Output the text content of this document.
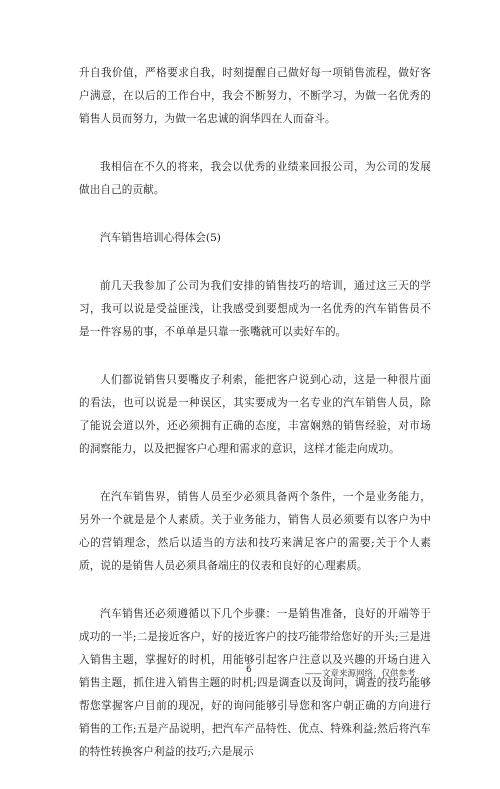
升自我价值，严格要求自我，时刻提醒自己做好每一项销售流程，做好客户满意，在以后的工作台中，我会不断努力，不断学习，为做一名优秀的销售人员而努力，为做一名忠诚的润华四在人而奋斗。

我相信在不久的将来，我会以优秀的业绩来回报公司，为公司的发展做出自己的贡献。

汽车销售培训心得体会(5)

前几天我参加了公司为我们安排的销售技巧的培训，通过这三天的学习，我可以说是受益匪浅，让我感受到要想成为一名优秀的汽车销售员不是一件容易的事，不单单是只靠一张嘴就可以卖好车的。

人们都说销售只要嘴皮子利索，能把客户说到心动，这是一种很片面的看法，也可以说是一种误区，其实要成为一名专业的汽车销售人员，除了能说会道以外，还必须拥有正确的态度，丰富娴熟的销售经验，对市场的洞察能力，以及把握客户心理和需求的意识，这样才能走向成功。

在汽车销售界，销售人员至少必须具备两个条件，一个是业务能力，另外一个就是是个人素质。关于业务能力，销售人员必须要有以客户为中心的营销理念，然后以适当的方法和技巧来满足客户的需要;关于个人素质，说的是销售人员必须具备端庄的仪表和良好的心理素质。

汽车销售还必须遵循以下几个步骤：一是销售准备，良好的开端等于成功的一半;二是接近客户，好的接近客户的技巧能带给您好的开头;三是进入销售主题，掌握好的时机，用能够引起客户注意以及兴趣的开场白进入销售主题，抓住进入销售主题的时机;四是调查以及询问，调查的技巧能够帮您掌握客户目前的现况，好的询问能够引导您和客户朝正确的方向进行销售的工作;五是产品说明，把汽车产品特性、优点、特殊利益;然后将汽车的特性转换客户利益的技巧;六是展示

6	——文章来源网络，仅供参考
